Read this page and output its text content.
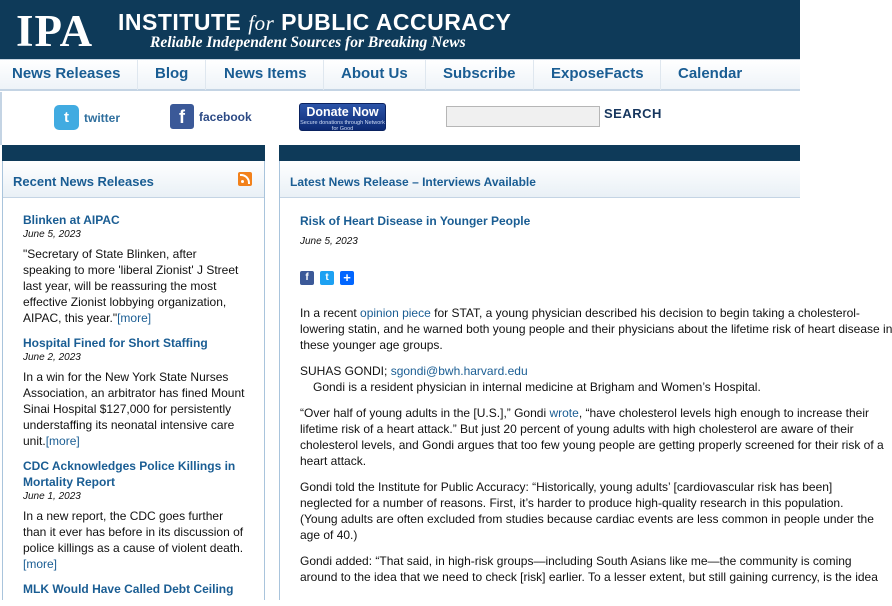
IPA INSTITUTE for PUBLIC ACCURACY
Reliable Independent Sources for Breaking News
News Releases Blog News Items About Us Subscribe ExposeFacts Calendar
t	twitter	f	facebook	Donate Now
Secure donations through Network for Good
SEARCH
Recent News Releases
Blinken at AIPAC
June 5, 2023
"Secretary of State Blinken, after speaking to more 'liberal Zionist' J Street last year, will be reassuring the most effective Zionist lobbying organization, AIPAC, this year."[more]
Hospital Fined for Short Staffing
June 2, 2023
In a win for the New York State Nurses Association, an arbitrator has fined Mount Sinai Hospital $127,000 for persistently understaffing its neonatal intensive care unit.[more]
CDC Acknowledges Police Killings in Mortality Report
June 1, 2023
In a new report, the CDC goes further than it ever has before in its discussion of police killings as a cause of violent death. [more]
MLK Would Have Called Debt Ceiling
Latest News Release – Interviews Available
Risk of Heart Disease in Younger People
June 5, 2023
f	t	+

In a recent opinion piece for STAT, a young physician described his decision to begin taking a cholesterol-

lowering statin, and he warned both young people and their physicians about the lifetime risk of heart disease in

these younger age groups.

SUHAS GONDI; sgondi@bwh.harvard.edu

Gondi is a resident physician in internal medicine at Brigham and Women’s Hospital.

“Over half of young adults in the [U.S.],” Gondi wrote, “have cholesterol levels high enough to increase their

lifetime risk of a heart attack.” But just 20 percent of young adults with high cholesterol are aware of their

cholesterol levels, and Gondi argues that too few young people are getting properly screened for their risk of a

heart attack.

Gondi told the Institute for Public Accuracy: “Historically, young adults’ [cardiovascular risk has been]

neglected for a number of reasons. First, it’s harder to produce high-quality research in this population.

(Young adults are often excluded from studies because cardiac events are less common in people under the

age of 40.)

Gondi added: “That said, in high-risk groups—including South Asians like me—the community is coming

around to the idea that we need to check [risk] earlier. To a lesser extent, but still gaining currency, is the idea
